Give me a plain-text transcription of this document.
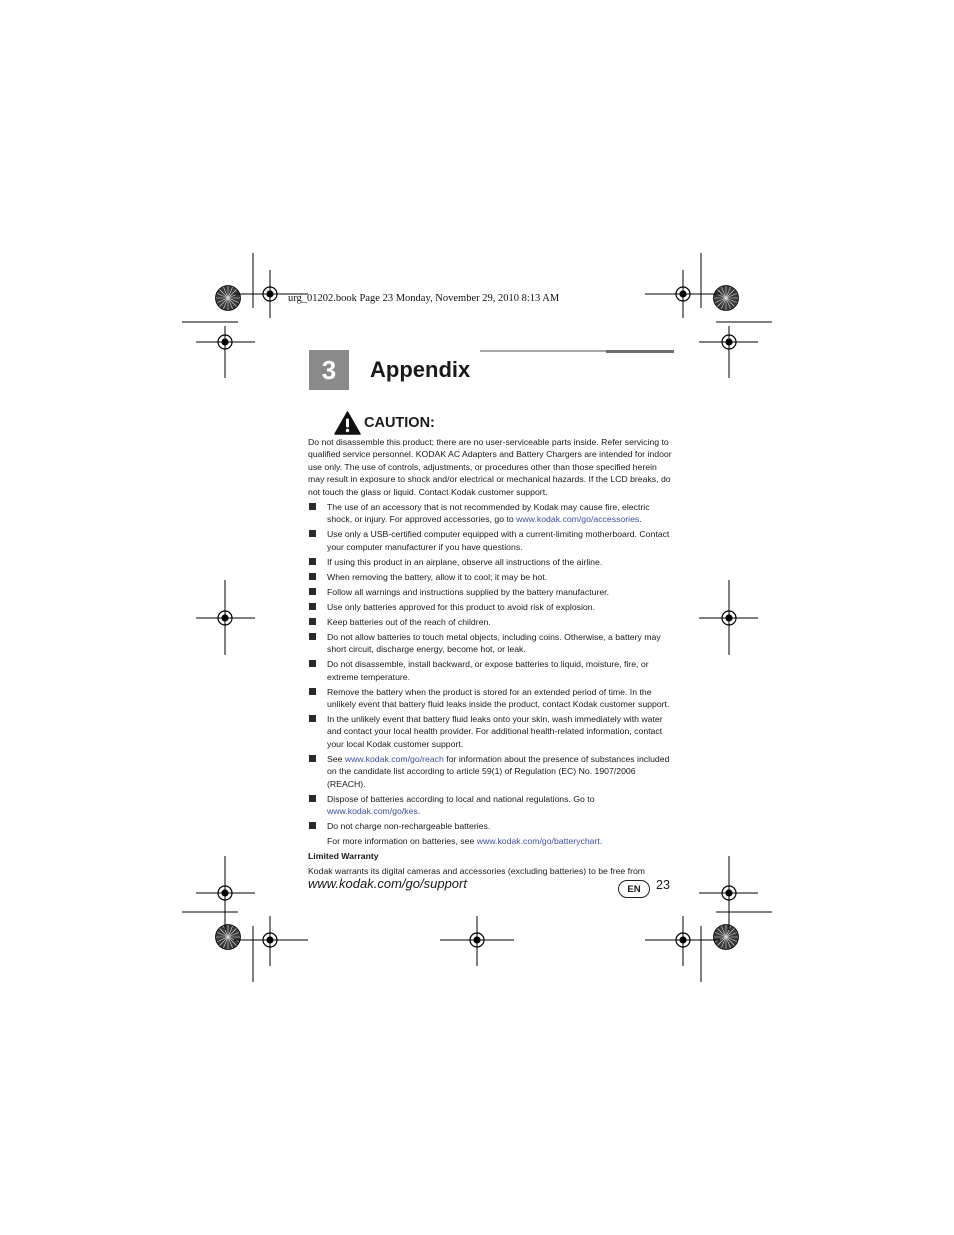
urg_01202.book Page 23 Monday, November 29, 2010 8:13 AM
3	Appendix
CAUTION:

Do not disassemble this product; there are no user-serviceable parts inside. Refer servicing to qualified service personnel. KODAK AC Adapters and Battery Chargers are intended for indoor use only. The use of controls, adjustments, or procedures other than those specified herein may result in exposure to shock and/or electrical or mechanical hazards. If the LCD breaks, do not touch the glass or liquid. Contact Kodak customer support.

The use of an accessory that is not recommended by Kodak may cause fire, electric shock, or injury. For approved accessories, go to www.kodak.com/go/accessories.
Use only a USB-certified computer equipped with a current-limiting motherboard. Contact your computer manufacturer if you have questions.
If using this product in an airplane, observe all instructions of the airline.
When removing the battery, allow it to cool; it may be hot.
Follow all warnings and instructions supplied by the battery manufacturer.
Use only batteries approved for this product to avoid risk of explosion.
Keep batteries out of the reach of children.
Do not allow batteries to touch metal objects, including coins. Otherwise, a battery may short circuit, discharge energy, become hot, or leak.
Do not disassemble, install backward, or expose batteries to liquid, moisture, fire, or extreme temperature.
Remove the battery when the product is stored for an extended period of time. In the unlikely event that battery fluid leaks inside the product, contact Kodak customer support.
In the unlikely event that battery fluid leaks onto your skin, wash immediately with water and contact your local health provider. For additional health-related information, contact your local Kodak customer support.
See www.kodak.com/go/reach for information about the presence of substances included on the candidate list according to article 59(1) of Regulation (EC) No. 1907/2006 (REACH).
Dispose of batteries according to local and national regulations. Go to www.kodak.com/go/kes.
Do not charge non-rechargeable batteries.
For more information on batteries, see www.kodak.com/go/batterychart.
Limited Warranty
Kodak warrants its digital cameras and accessories (excluding batteries) to be free from
www.kodak.com/go/support	EN	23
